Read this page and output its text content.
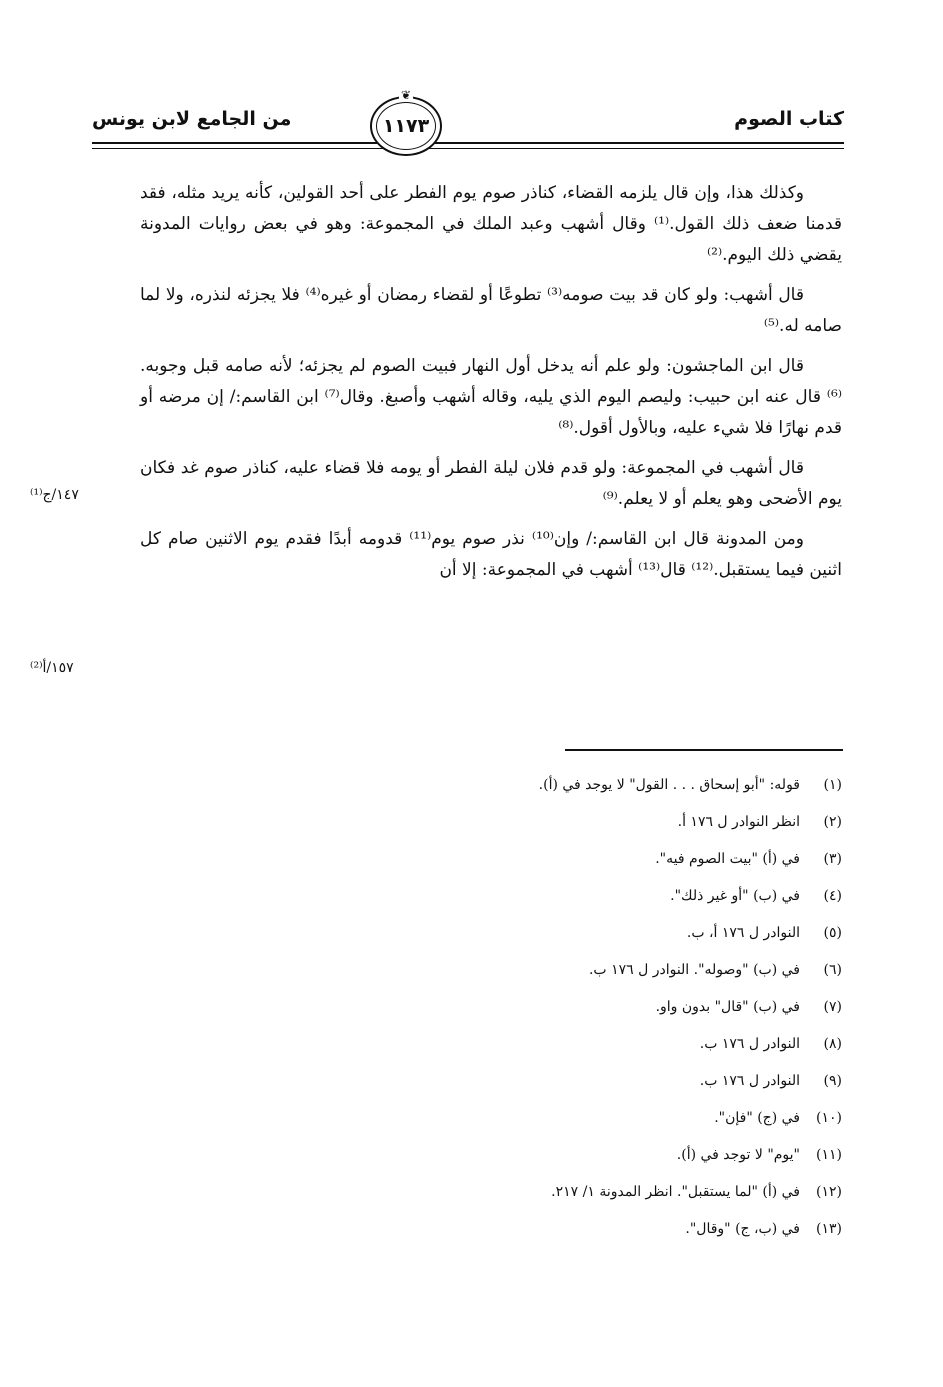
كتاب الصوم
من الجامع لابن يونس
❦
١١٧٣
١٤٧/ج⁽¹⁾
١٥٧/أ⁽²⁾

وكذلك هذا، وإن قال يلزمه القضاء، كناذر صوم يوم الفطر على أحد القولين، كأنه يريد مثله، فقد قدمنا ضعف ذلك القول.⁽¹⁾ وقال أشهب وعبد الملك في المجموعة: وهو في بعض روايات المدونة يقضي ذلك اليوم.⁽²⁾

قال أشهب: ولو كان قد بيت صومه⁽³⁾ تطوعًا أو لقضاء رمضان أو غيره⁽⁴⁾ فلا يجزئه لنذره، ولا لما صامه له.⁽⁵⁾

قال ابن الماجشون: ولو علم أنه يدخل أول النهار فبيت الصوم لم يجزئه؛ لأنه صامه قبل وجوبه.⁽⁶⁾ قال عنه ابن حبيب: وليصم اليوم الذي يليه، وقاله أشهب وأصبغ. وقال⁽⁷⁾ ابن القاسم:/ إن مرضه أو قدم نهارًا فلا شيء عليه، وبالأول أقول.⁽⁸⁾

قال أشهب في المجموعة: ولو قدم فلان ليلة الفطر أو يومه فلا قضاء عليه، كناذر صوم غد فكان يوم الأضحى وهو يعلم أو لا يعلم.⁽⁹⁾

ومن المدونة قال ابن القاسم:/ وإن⁽¹⁰⁾ نذر صوم يوم⁽¹¹⁾ قدومه أبدًا فقدم يوم الاثنين صام كل اثنين فيما يستقبل.⁽¹²⁾ قال⁽¹³⁾ أشهب في المجموعة: إلا أن

(١)قوله: "أبو إسحاق . . . القول" لا يوجد في (أ).
(٢)انظر النوادر ل ١٧٦ أ.
(٣)في (أ) "بيت الصوم فيه".
(٤)في (ب) "أو غير ذلك".
(٥)النوادر ل ١٧٦ أ، ب.
(٦)في (ب) "وصوله". النوادر ل ١٧٦ ب.
(٧)في (ب) "قال" بدون واو.
(٨)النوادر ل ١٧٦ ب.
(٩)النوادر ل ١٧٦ ب.
(١٠)في (ج) "فإن".
(١١)"يوم" لا توجد في (أ).
(١٢)في (أ) "لما يستقبل". انظر المدونة ١/ ٢١٧.
(١٣)في (ب، ج) "وقال".
